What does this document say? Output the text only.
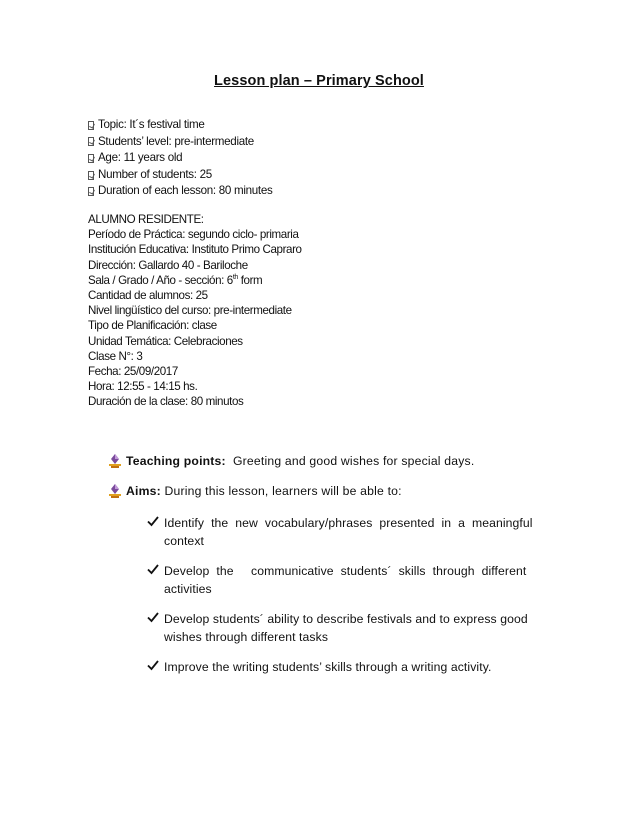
Lesson plan – Primary School
Topic: It´s festival time
Students’ level: pre-intermediate
Age: 11 years old
Number of students: 25
Duration of each lesson: 80 minutes
ALUMNO RESIDENTE:
Período de Práctica: segundo ciclo- primaria
Institución Educativa: Instituto Primo Capraro
Dirección: Gallardo 40 - Bariloche
Sala / Grado / Año - sección: 6th form
Cantidad de alumnos: 25
Nivel lingüístico del curso: pre-intermediate
Tipo de Planificación: clase
Unidad Temática: Celebraciones
Clase N°: 3
Fecha: 25/09/2017
Hora: 12:55 - 14:15 hs.
Duración de la clase: 80 minutos
Teaching points:  Greeting and good wishes for special days.
Aims: During this lesson, learners will be able to:
Identify  the  new  vocabulary/phrases  presented  in  a  meaningful
context
Develop  the     communicative  students´  skills  through  different
activities
Develop students´ ability to describe festivals and to express good
wishes through different tasks
Improve the writing students’ skills through a writing activity.
